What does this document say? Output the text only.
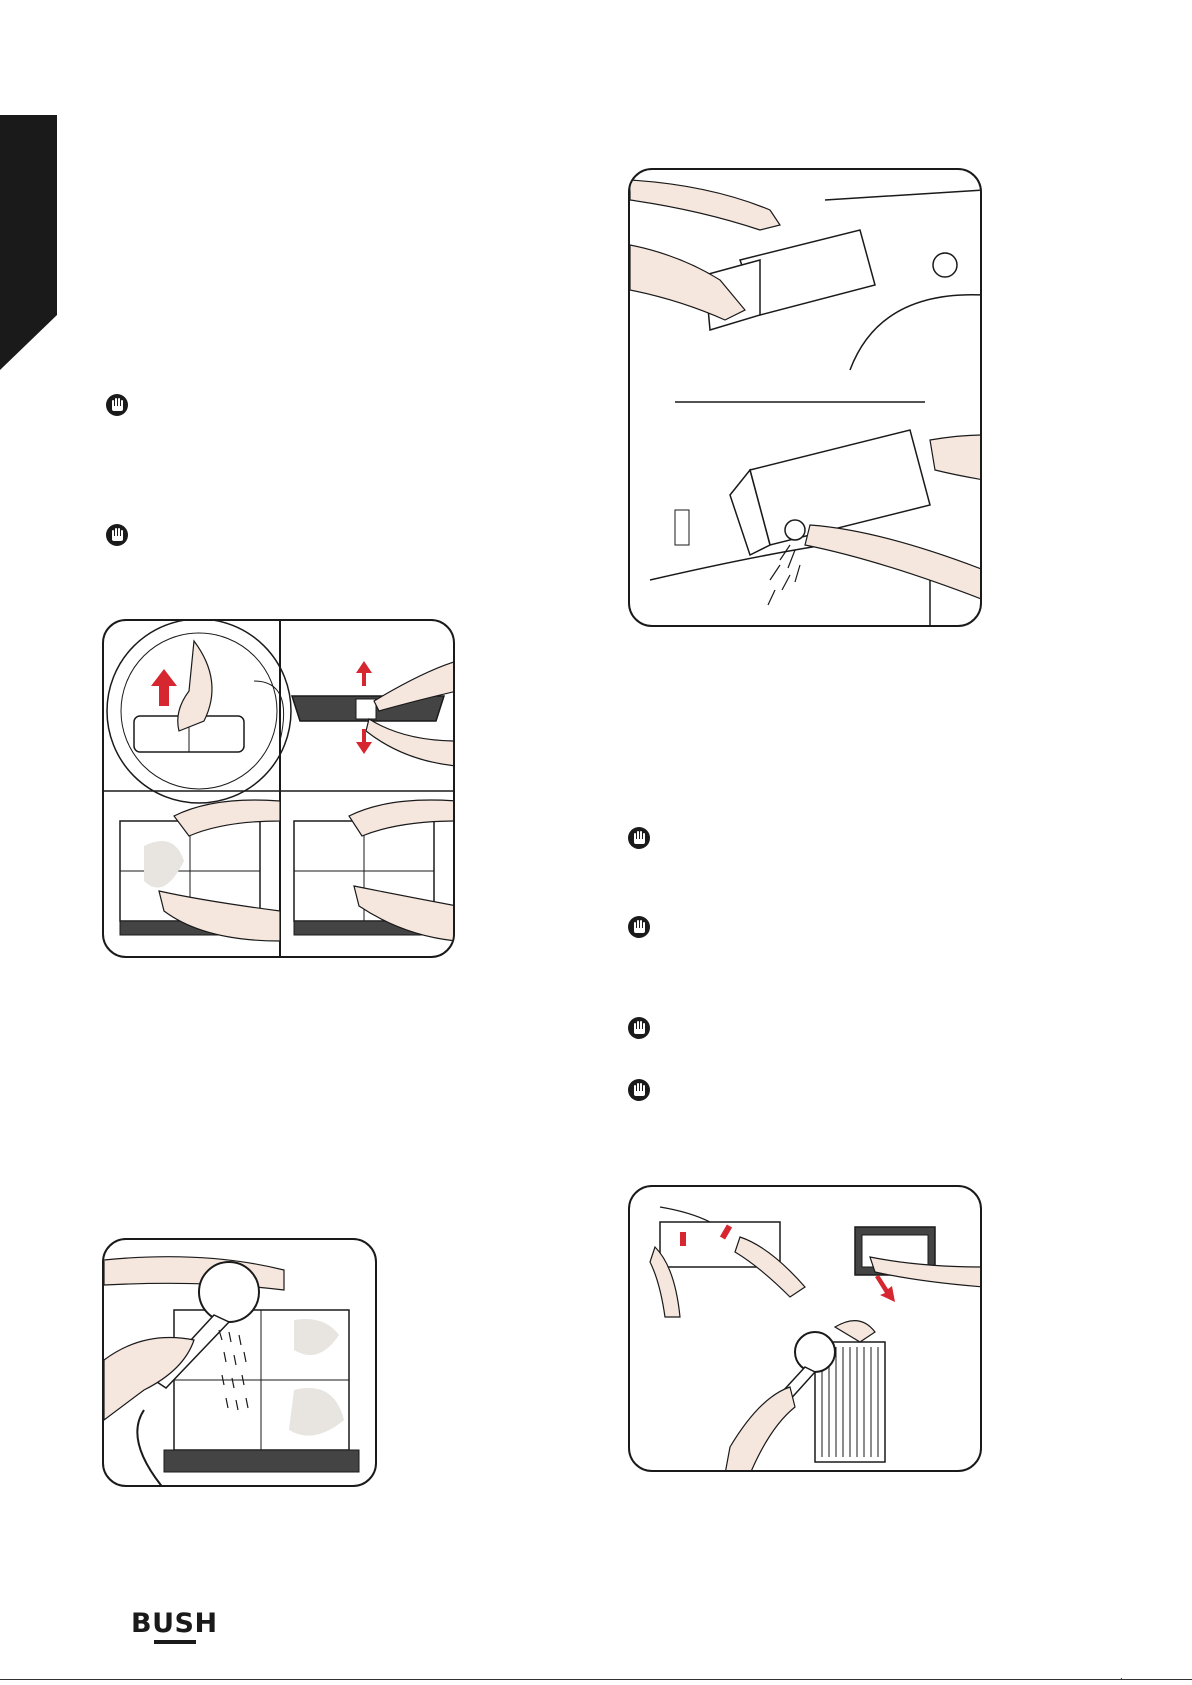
BUSH
.
